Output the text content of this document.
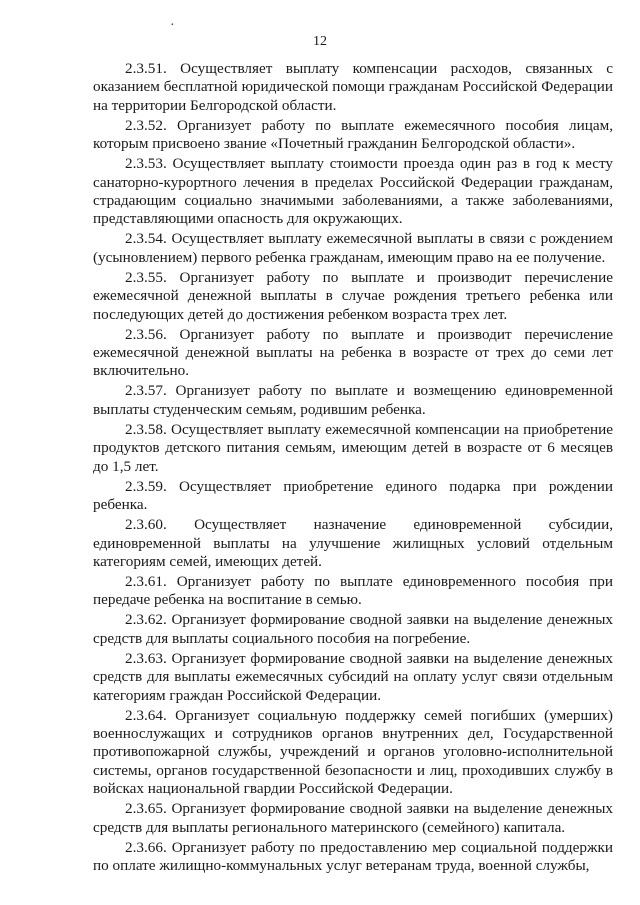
12

2.3.51. Осуществляет выплату компенсации расходов, связанных с оказанием бесплатной юридической помощи гражданам Российской Федерации на территории Белгородской области.

2.3.52. Организует работу по выплате ежемесячного пособия лицам, которым присвоено звание «Почетный гражданин Белгородской области».

2.3.53. Осуществляет выплату стоимости проезда один раз в год к месту санаторно-курортного лечения в пределах Российской Федерации гражданам, страдающим социально значимыми заболеваниями, а также заболеваниями, представляющими опасность для окружающих.

2.3.54. Осуществляет выплату ежемесячной выплаты в связи с рождением (усыновлением) первого ребенка гражданам, имеющим право на ее получение.

2.3.55. Организует работу по выплате и производит перечисление ежемесячной денежной выплаты в случае рождения третьего ребенка или последующих детей до достижения ребенком возраста трех лет.

2.3.56. Организует работу по выплате и производит перечисление ежемесячной денежной выплаты на ребенка в возрасте от трех до семи лет включительно.

2.3.57. Организует работу по выплате и возмещению единовременной выплаты студенческим семьям, родившим ребенка.

2.3.58. Осуществляет выплату ежемесячной компенсации на приобретение продуктов детского питания семьям, имеющим детей в возрасте от 6 месяцев до 1,5 лет.

2.3.59. Осуществляет приобретение единого подарка при рождении ребенка.

2.3.60. Осуществляет назначение единовременной субсидии, единовременной выплаты на улучшение жилищных условий отдельным категориям семей, имеющих детей.

2.3.61. Организует работу по выплате единовременного пособия при передаче ребенка на воспитание в семью.

2.3.62. Организует формирование сводной заявки на выделение денежных средств для выплаты социального пособия на погребение.

2.3.63. Организует формирование сводной заявки на выделение денежных средств для выплаты ежемесячных субсидий на оплату услуг связи отдельным категориям граждан Российской Федерации.

2.3.64. Организует социальную поддержку семей погибших (умерших) военнослужащих и сотрудников органов внутренних дел, Государственной противопожарной службы, учреждений и органов уголовно-исполнительной системы, органов государственной безопасности и лиц, проходивших службу в войсках национальной гвардии Российской Федерации.

2.3.65. Организует формирование сводной заявки на выделение денежных средств для выплаты регионального материнского (семейного) капитала.

2.3.66. Организует работу по предоставлению мер социальной поддержки по оплате жилищно-коммунальных услуг ветеранам труда, военной службы,

·
